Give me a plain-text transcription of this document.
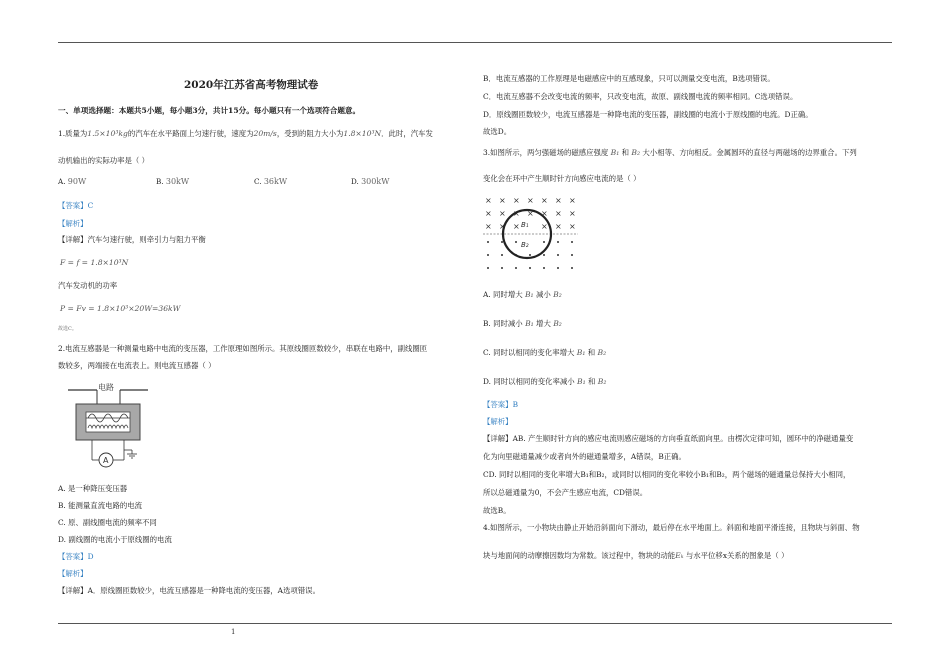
2020年江苏省高考物理试卷
一、单项选择题：本题共5小题，每小题3分，共计15分。每小题只有一个选项符合题意。
1.质量为1.5×10³kg的汽车在水平路面上匀速行驶，速度为20m/s，受到的阻力大小为1.8×10³N．此时，汽车发
动机输出的实际功率是（ ）
A. 90W	B. 30kW	C. 36kW	D. 300kW
【答案】C
【解析】
【详解】汽车匀速行驶，则牵引力与阻力平衡
F = f = 1.8×10³N
汽车发动机的功率
P = Fv = 1.8×10³×20W=36kW
故选C。
2.电流互感器是一种测量电路中电流的变压器，工作原理如图所示。其原线圈匝数较少，串联在电路中，副线圈匝
数较多，两端接在电流表上。则电流互感器（ ）
电路
A
A. 是一种降压变压器
B. 能测量直流电路的电流
C. 原、副线圈电流的频率不同
D. 副线圈的电流小于原线圈的电流
【答案】D
【解析】
【详解】A．原线圈匝数较少，电流互感器是一种降电流的变压器，A选项错误。
B．电流互感器的工作原理是电磁感应中的互感现象，只可以测量交变电流，B选项错误。
C．电流互感器不会改变电流的频率，只改变电流，故原、副线圈电流的频率相同。C选项错误。
D．原线圈匝数较少，电流互感器是一种降电流的变压器，副线圈的电流小于原线圈的电流。D正确。
故选D。
3.如图所示，两匀强磁场的磁感应强度 B₁ 和 B₂ 大小相等、方向相反。金属圆环的直径与两磁场的边界重合。下列
变化会在环中产生顺时针方向感应电流的是（ ）
× × × × × × ×
× × × × × × ×
× × ×	× × ×
B₁
B₂
A. 同时增大 B₁ 减小 B₂
B. 同时减小 B₁ 增大 B₂
C. 同时以相同的变化率增大 B₁ 和 B₂
D. 同时以相同的变化率减小 B₁ 和 B₂
【答案】B
【解析】
【详解】AB. 产生顺时针方向的感应电流则感应磁场的方向垂直纸面向里。由楞次定律可知，圆环中的净磁通量变
化为向里磁通量减少或者向外的磁通量增多，A错误，B正确。
CD. 同时以相同的变化率增大B₁和B₂，或同时以相同的变化率较小B₁和B₂，两个磁场的磁通量总保持大小相同，
所以总磁通量为0，不会产生感应电流，CD错误。
故选B。
4.如图所示，一小物块由静止开始沿斜面向下滑动，最后停在水平地面上。斜面和地面平滑连接，且物块与斜面、物
块与地面间的动摩擦因数均为常数。该过程中，物块的动能Eₖ 与水平位移x关系的图象是（ ）
1
